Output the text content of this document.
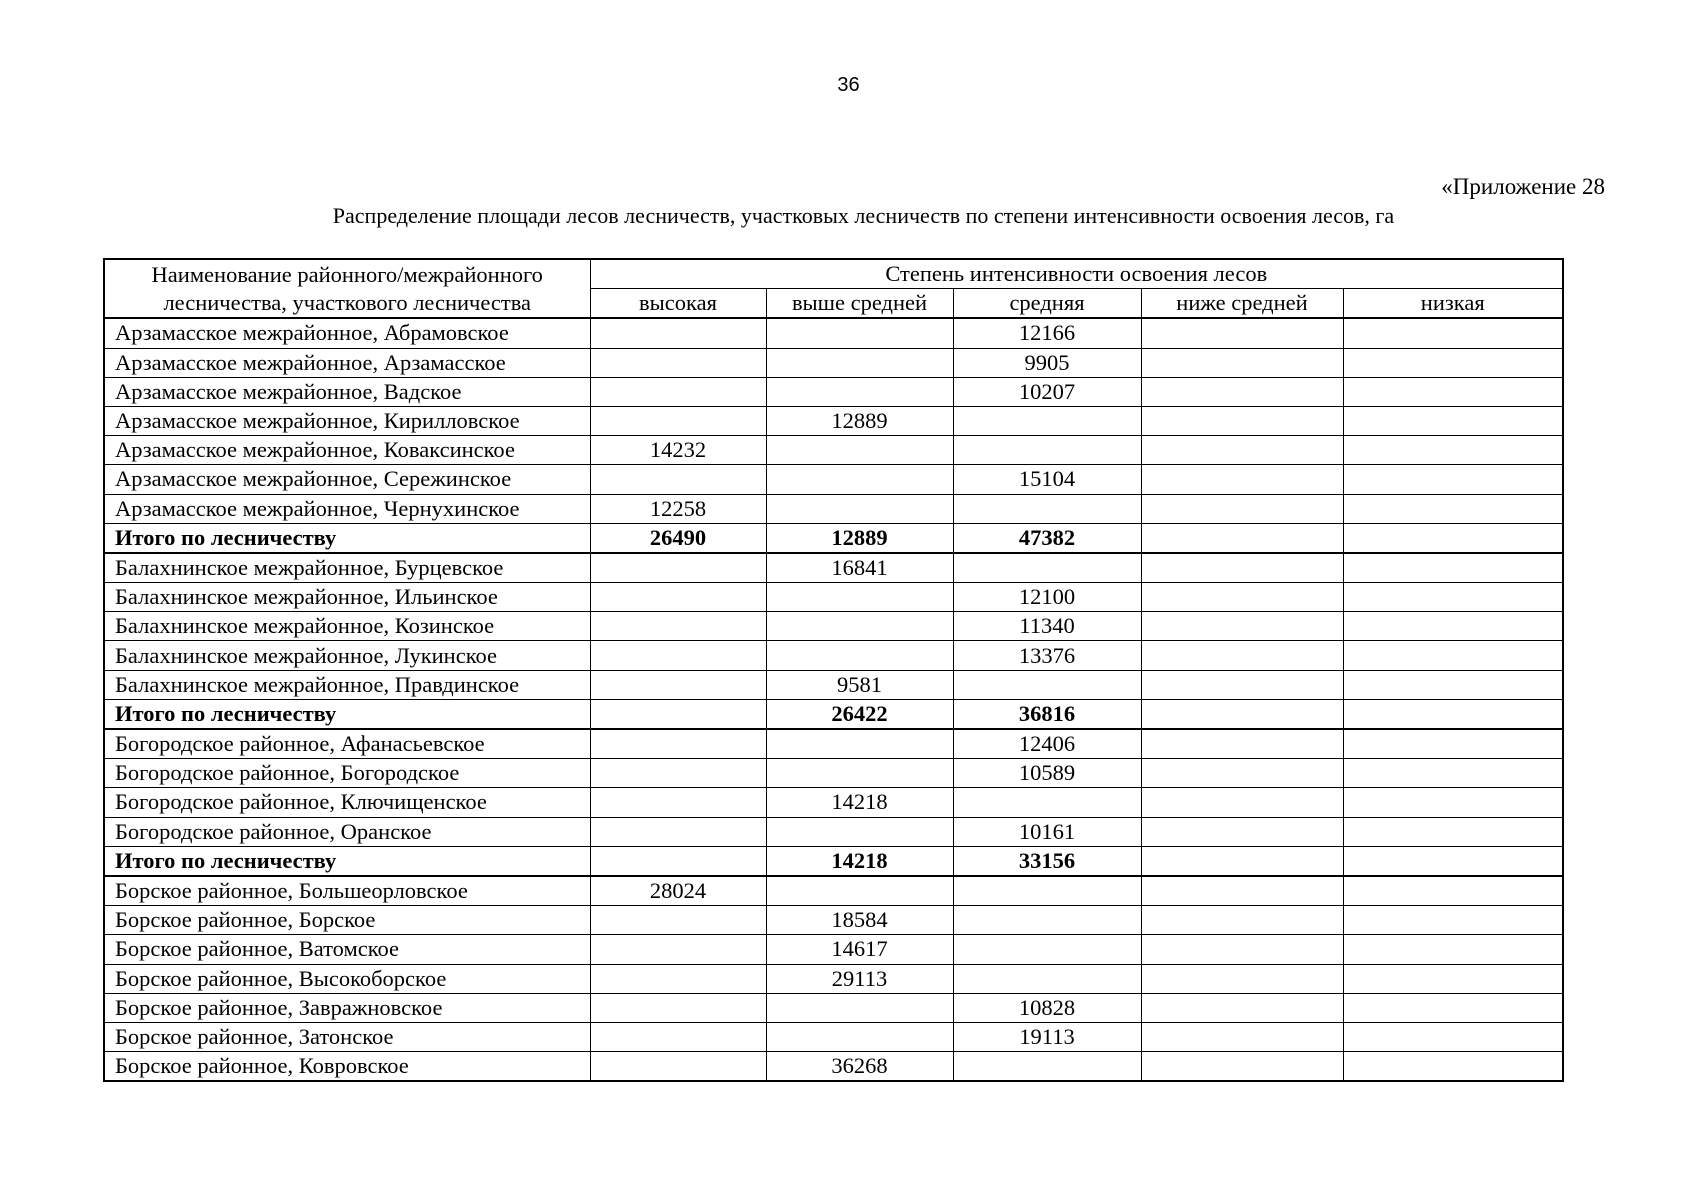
36
«Приложение 28
Распределение площади лесов лесничеств, участковых лесничеств по степени интенсивности освоения лесов, га
Наименование районного/межрайонного
лесничества, участкового лесничества	Степень интенсивности освоения лесов				
	высокая	выше средней	средняя	ниже средней	низкая
Арзамасское межрайонное, Абрамовское			12166		
Арзамасское межрайонное, Арзамасское			9905		
Арзамасское межрайонное, Вадское			10207		
Арзамасское межрайонное, Кирилловское		12889			
Арзамасское межрайонное, Коваксинское	14232				
Арзамасское межрайонное, Сережинское			15104		
Арзамасское межрайонное, Чернухинское	12258				
Итого по лесничеству	26490	12889	47382		
Балахнинское межрайонное, Бурцевское		16841			
Балахнинское межрайонное, Ильинское			12100		
Балахнинское межрайонное, Козинское			11340		
Балахнинское межрайонное, Лукинское			13376		
Балахнинское межрайонное, Правдинское		9581			
Итого по лесничеству		26422	36816		
Богородское районное, Афанасьевское			12406		
Богородское районное, Богородское			10589		
Богородское районное, Ключищенское		14218			
Богородское районное, Оранское			10161		
Итого по лесничеству		14218	33156		
Борское районное, Большеорловское	28024				
Борское районное, Борское		18584			
Борское районное, Ватомское		14617			
Борское районное, Высокоборское		29113			
Борское районное, Завражновское			10828		
Борское районное, Затонское			19113		
Борское районное, Ковровское		36268			
